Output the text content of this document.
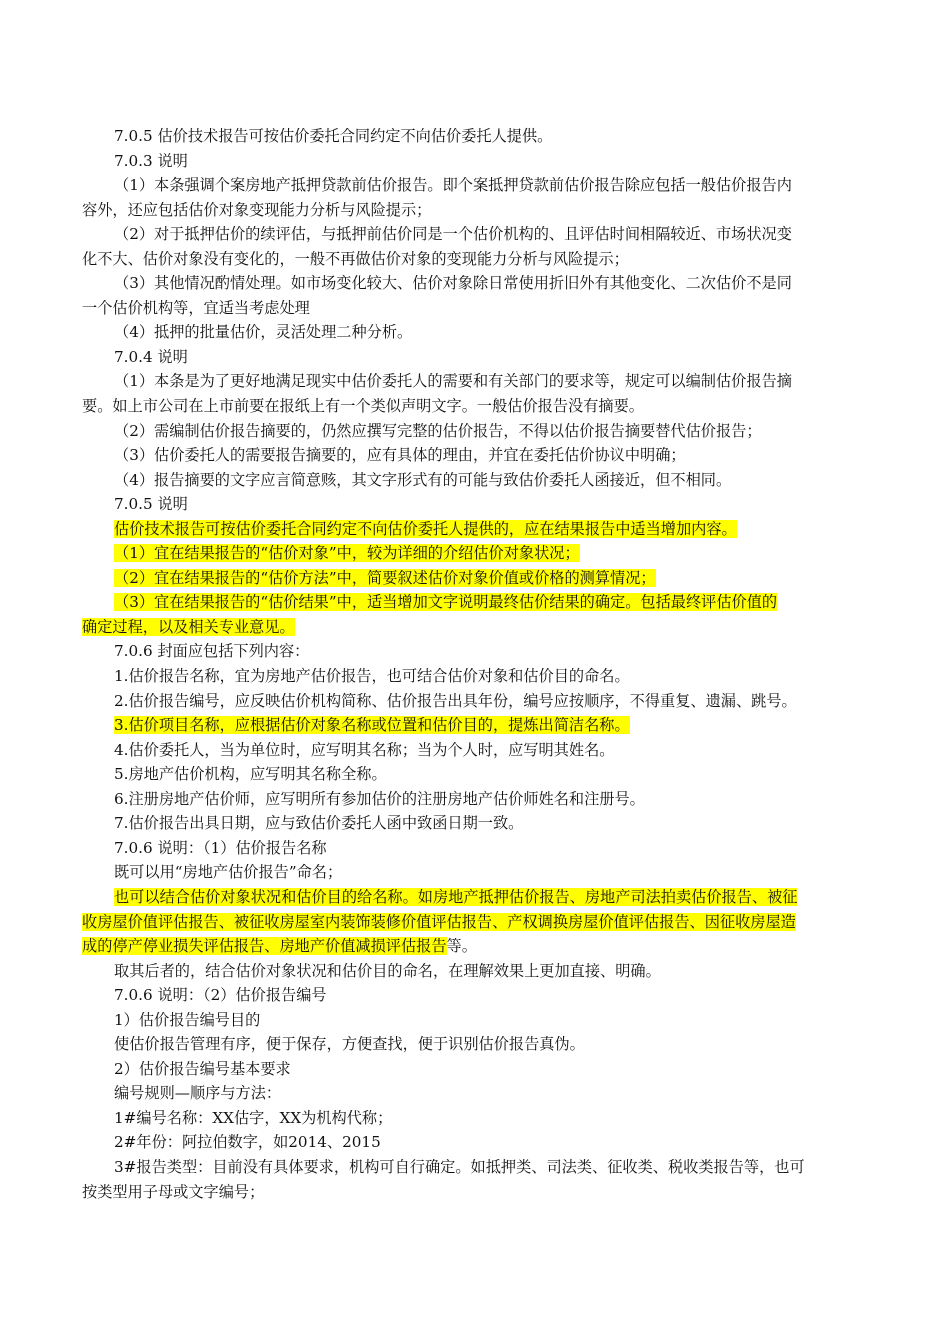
7.0.5 估价技术报告可按估价委托合同约定不向估价委托人提供。
7.0.3 说明
（1）本条强调个案房地产抵押贷款前估价报告。即个案抵押贷款前估价报告除应包括一般估价报告内
容外，还应包括估价对象变现能力分析与风险提示；
（2）对于抵押估价的续评估，与抵押前估价同是一个估价机构的、且评估时间相隔较近、市场状况变
化不大、估价对象没有变化的，一般不再做估价对象的变现能力分析与风险提示；
（3）其他情况酌情处理。如市场变化较大、估价对象除日常使用折旧外有其他变化、二次估价不是同
一个估价机构等，宜适当考虑处理
（4）抵押的批量估价，灵活处理二种分析。
7.0.4 说明
（1）本条是为了更好地满足现实中估价委托人的需要和有关部门的要求等，规定可以编制估价报告摘
要。如上市公司在上市前要在报纸上有一个类似声明文字。一般估价报告没有摘要。
（2）需编制估价报告摘要的，仍然应撰写完整的估价报告，不得以估价报告摘要替代估价报告；
（3）估价委托人的需要报告摘要的，应有具体的理由，并宜在委托估价协议中明确；
（4）报告摘要的文字应言简意赅，其文字形式有的可能与致估价委托人函接近，但不相同。
7.0.5 说明
估价技术报告可按估价委托合同约定不向估价委托人提供的，应在结果报告中适当增加内容。
（1）宜在结果报告的“估价对象”中，较为详细的介绍估价对象状况；
（2）宜在结果报告的“估价方法”中，简要叙述估价对象价值或价格的测算情况；
（3）宜在结果报告的“估价结果”中，适当增加文字说明最终估价结果的确定。包括最终评估价值的
确定过程，以及相关专业意见。
7.0.6 封面应包括下列内容：
1.估价报告名称，宜为房地产估价报告，也可结合估价对象和估价目的命名。
2.估价报告编号，应反映估价机构简称、估价报告出具年份，编号应按顺序，不得重复、遗漏、跳号。
3.估价项目名称，应根据估价对象名称或位置和估价目的，提炼出简洁名称。
4.估价委托人，当为单位时，应写明其名称；当为个人时，应写明其姓名。
5.房地产估价机构，应写明其名称全称。
6.注册房地产估价师，应写明所有参加估价的注册房地产估价师姓名和注册号。
7.估价报告出具日期，应与致估价委托人函中致函日期一致。
7.0.6 说明：（1）估价报告名称
既可以用“房地产估价报告”命名；
也可以结合估价对象状况和估价目的给名称。如房地产抵押估价报告、房地产司法拍卖估价报告、被征
收房屋价值评估报告、被征收房屋室内装饰装修价值评估报告、产权调换房屋价值评估报告、因征收房屋造
成的停产停业损失评估报告、房地产价值减损评估报告等。
取其后者的，结合估价对象状况和估价目的命名，在理解效果上更加直接、明确。
7.0.6 说明：（2）估价报告编号
1）估价报告编号目的
使估价报告管理有序，便于保存，方便查找，便于识别估价报告真伪。
2）估价报告编号基本要求
编号规则—顺序与方法：
1#编号名称：XX估字，XX为机构代称；
2#年份：阿拉伯数字，如2014、2015
3#报告类型：目前没有具体要求，机构可自行确定。如抵押类、司法类、征收类、税收类报告等，也可
按类型用子母或文字编号；
